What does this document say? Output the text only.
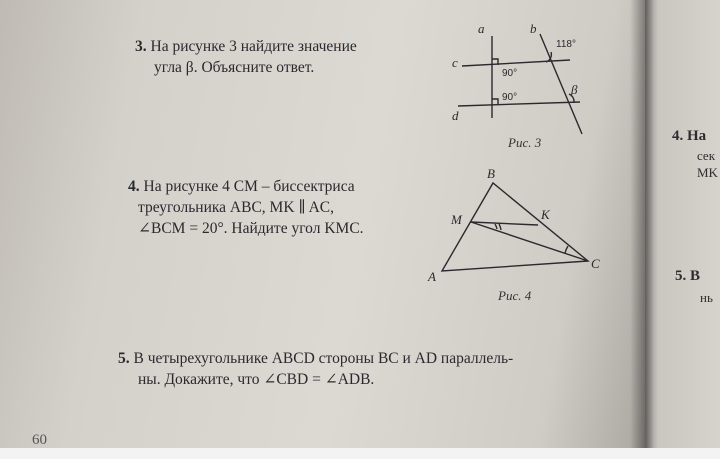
3. На рисунке 3 найдите значение
угла β. Объясните ответ.
a	b
c
d
118°
90°
90°
β
Рис. 3
4. На рисунке 4 CM – биссектриса
треугольника ABC, MK ∥ AC,
∠BCM = 20°. Найдите угол KMC.
A
B
C
M	K
Рис. 4
5. В четырехугольнике ABCD стороны BC и AD параллель-
ны. Докажите, что ∠CBD = ∠ADB.
4. На
сек
MK
5. В
нь
60
